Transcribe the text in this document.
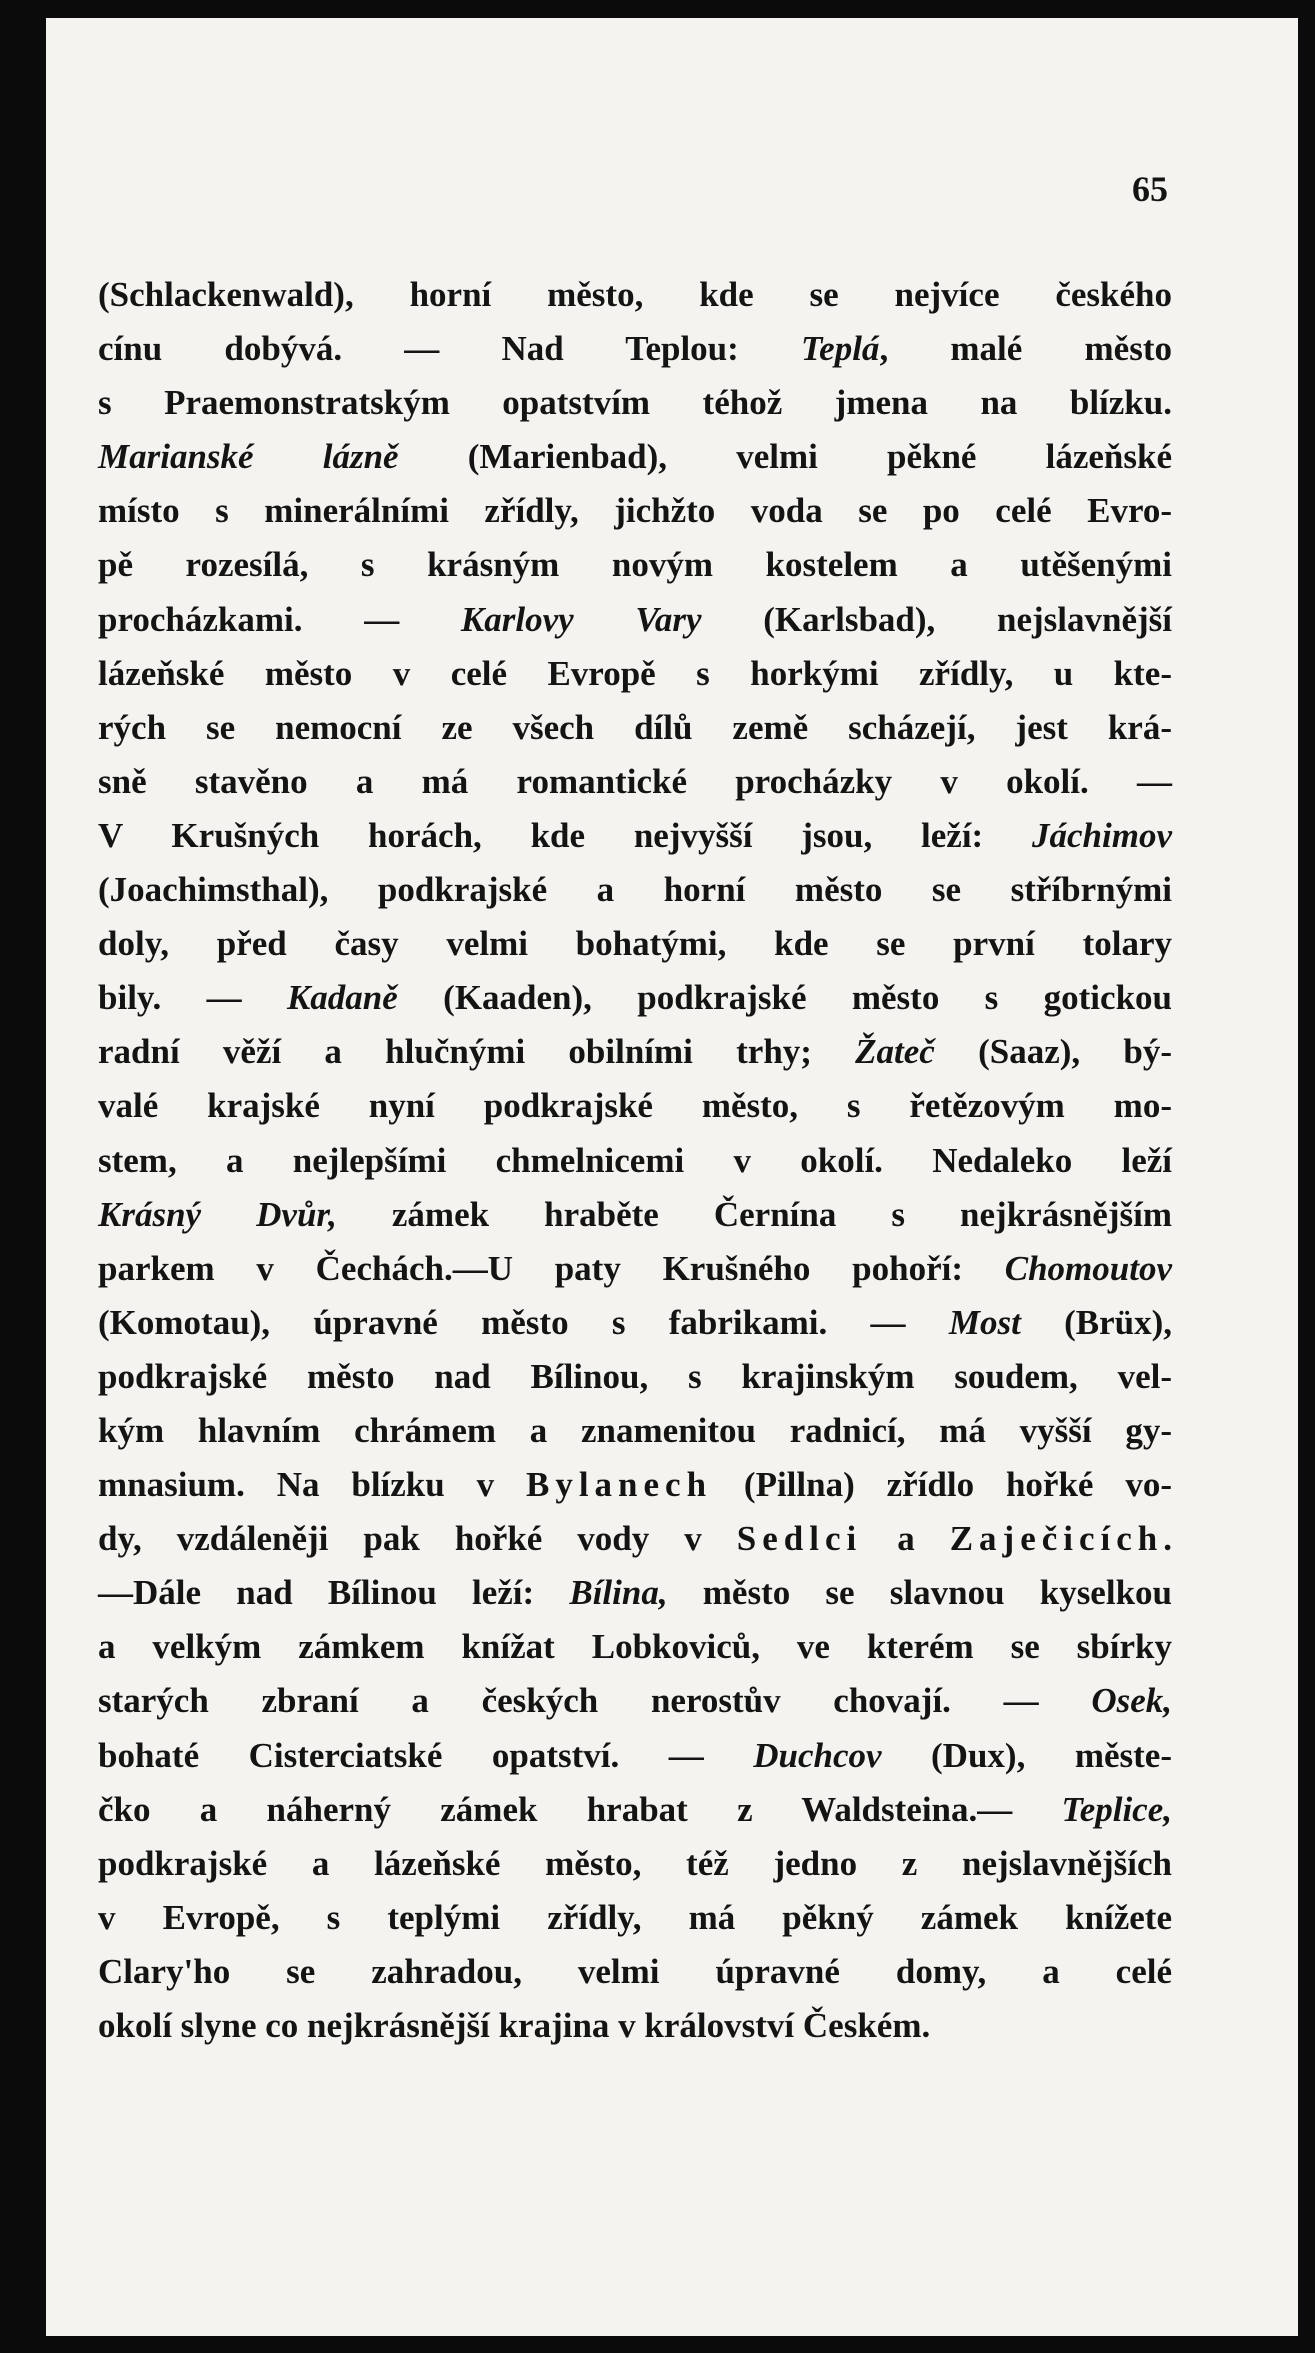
65
(Schlackenwald), horní město, kde se nejvíce českého
cínu dobývá. — Nad Teplou: Teplá, malé město
s Praemonstratským opatstvím téhož jmena na blízku.
Marianské lázně (Marienbad), velmi pěkné lázeňské
místo s minerálními zřídly, jichžto voda se po celé Evro-
pě rozesílá, s krásným novým kostelem a utěšenými
procházkami. — Karlovy Vary (Karlsbad), nejslavnější
lázeňské město v celé Evropě s horkými zřídly, u kte-
rých se nemocní ze všech dílů země scházejí, jest krá-
sně stavěno a má romantické procházky v okolí. —
V Krušných horách, kde nejvyšší jsou, leží: Jáchimov
(Joachimsthal), podkrajské a horní město se stříbrnými
doly, před časy velmi bohatými, kde se první tolary
bily. — Kadaně (Kaaden), podkrajské město s gotickou
radní věží a hlučnými obilními trhy; Žateč (Saaz), bý-
valé krajské nyní podkrajské město, s řetězovým mo-
stem, a nejlepšími chmelnicemi v okolí. Nedaleko leží
Krásný Dvůr, zámek hraběte Černína s nejkrásnějším
parkem v Čechách.—U paty Krušného pohoří: Chomoutov
(Komotau), úpravné město s fabrikami. — Most (Brüx),
podkrajské město nad Bílinou, s krajinským soudem, vel-
kým hlavním chrámem a znamenitou radnicí, má vyšší gy-
mnasium. Na blízku v Bylanech (Pillna) zřídlo hořké vo-
dy, vzdáleněji pak hořké vody v Sedlci a Zaječicích.
—Dále nad Bílinou leží: Bílina, město se slavnou kyselkou
a velkým zámkem knížat Lobkoviců, ve kterém se sbírky
starých zbraní a českých nerostův chovají. — Osek,
bohaté Cisterciatské opatství. — Duchcov (Dux), měste-
čko a náherný zámek hrabat z Waldsteina.— Teplice,
podkrajské a lázeňské město, též jedno z nejslavnějších
v Evropě, s teplými zřídly, má pěkný zámek knížete
Clary'ho se zahradou, velmi úpravné domy, a celé
okolí slyne co nejkrásnější krajina v království Českém.
